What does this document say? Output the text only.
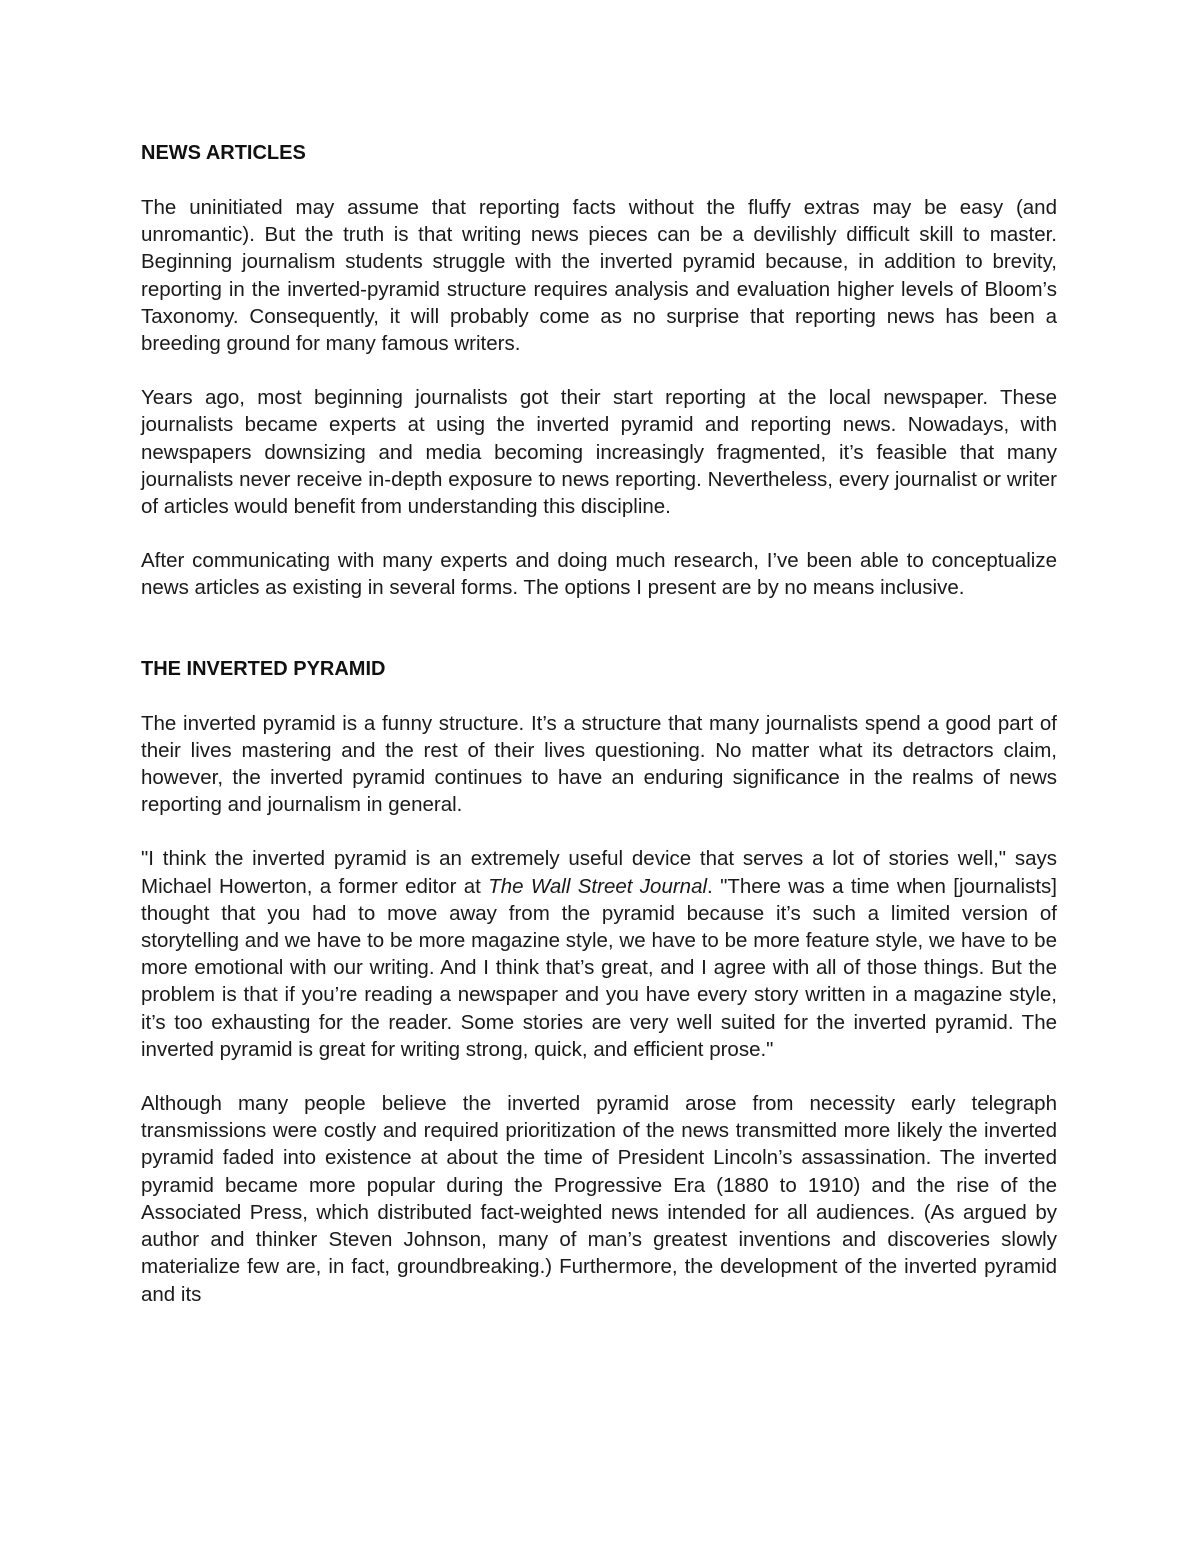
NEWS ARTICLES

The uninitiated may assume that reporting facts without the fluffy extras may be easy (and unromantic). But the truth is that writing news pieces can be a devilishly difficult skill to master. Beginning journalism students struggle with the inverted pyramid because, in addition to brevity, reporting in the inverted-pyramid structure requires analysis and evaluation higher levels of Bloom’s Taxonomy. Consequently, it will probably come as no surprise that reporting news has been a breeding ground for many famous writers.

Years ago, most beginning journalists got their start reporting at the local newspaper. These journalists became experts at using the inverted pyramid and reporting news. Nowadays, with newspapers downsizing and media becoming increasingly fragmented, it’s feasible that many journalists never receive in-depth exposure to news reporting. Nevertheless, every journalist or writer of articles would benefit from understanding this discipline.

After communicating with many experts and doing much research, I’ve been able to conceptualize news articles as existing in several forms. The options I present are by no means inclusive.

THE INVERTED PYRAMID

The inverted pyramid is a funny structure. It’s a structure that many journalists spend a good part of their lives mastering and the rest of their lives questioning. No matter what its detractors claim, however, the inverted pyramid continues to have an enduring significance in the realms of news reporting and journalism in general.

"I think the inverted pyramid is an extremely useful device that serves a lot of stories well," says Michael Howerton, a former editor at The Wall Street Journal. "There was a time when [journalists] thought that you had to move away from the pyramid because it’s such a limited version of storytelling and we have to be more magazine style, we have to be more feature style, we have to be more emotional with our writing. And I think that’s great, and I agree with all of those things. But the problem is that if you’re reading a newspaper and you have every story written in a magazine style, it’s too exhausting for the reader. Some stories are very well suited for the inverted pyramid. The inverted pyramid is great for writing strong, quick, and efficient prose."

Although many people believe the inverted pyramid arose from necessity early telegraph transmissions were costly and required prioritization of the news transmitted more likely the inverted pyramid faded into existence at about the time of President Lincoln’s assassination. The inverted pyramid became more popular during the Progressive Era (1880 to 1910) and the rise of the Associated Press, which distributed fact-weighted news intended for all audiences. (As argued by author and thinker Steven Johnson, many of man’s greatest inventions and discoveries slowly materialize few are, in fact, groundbreaking.) Furthermore, the development of the inverted pyramid and its
